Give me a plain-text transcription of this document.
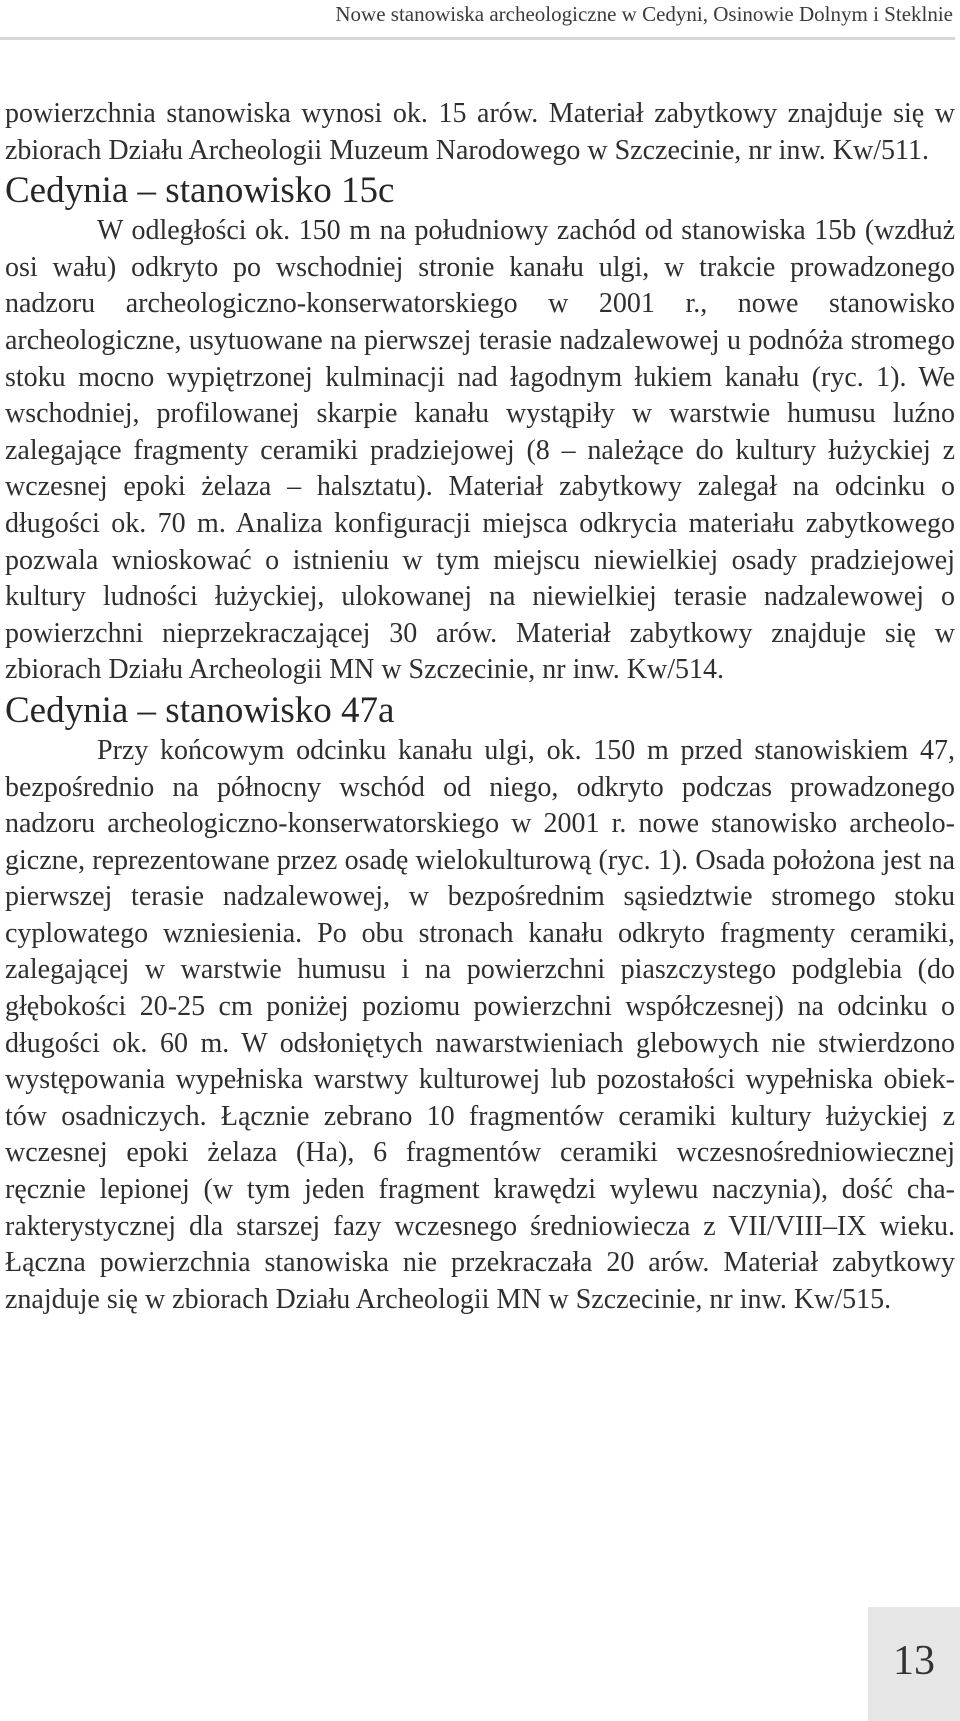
Nowe stanowiska archeologiczne w Cedyni, Osinowie Dolnym i Steklnie

powierzchnia stanowiska wynosi ok. 15 arów. Materiał zabytkowy znajduje się w zbiorach Działu Archeologii Muzeum Narodowego w Szczecinie, nr inw. Kw/511.

Cedynia – stanowisko 15c

W odległości ok. 150 m na południowy zachód od stanowiska 15b (wzdłuż osi wału) odkryto po wschodniej stronie kanału ulgi, w trakcie prowadzonego nadzoru archeologiczno-konserwatorskiego w 2001 r., nowe stanowisko archeologiczne, usytuowane na pierwszej terasie nadzalewowej u podnóża stromego stoku mocno wypiętrzonej kulminacji nad łagodnym łukiem kanału (ryc. 1). We wschodniej, profilowanej skarpie kanału wystąpiły w warstwie humusu luźno zalegające fragmenty ceramiki pradziejowej (8 – należące do kultury łużyckiej z wczesnej epoki żelaza – halsztatu). Materiał zabytkowy zalegał na odcinku o długości ok. 70 m. Analiza konfiguracji miejsca odkrycia materiału zabytkowego pozwala wnioskować o istnieniu w tym miejscu niewielkiej osady pradziejowej kultury ludności łużyckiej, ulokowanej na niewielkiej terasie nadzalewowej o powierzchni nieprzekraczającej 30 arów. Materiał zabytkowy znajduje się w zbiorach Działu Archeologii MN w Szczecinie, nr inw. Kw/514.

Cedynia – stanowisko 47a

Przy końcowym odcinku kanału ulgi, ok. 150 m przed stanowiskiem 47, bezpośrednio na północny wschód od niego, odkryto podczas prowadzonego nadzoru archeologiczno-konserwatorskiego w 2001 r. nowe stanowisko archeologiczne, reprezentowane przez osadę wielokulturową (ryc. 1). Osada położona jest na pierwszej terasie nadzalewowej, w bezpośrednim sąsiedztwie stromego stoku cyplowatego wzniesienia. Po obu stronach kanału odkryto fragmenty ceramiki, zalegającej w warstwie humusu i na powierzchni piaszczystego podglebia (do głębokości 20-25 cm poniżej poziomu powierzchni współczesnej) na odcinku o długości ok. 60 m. W odsłoniętych nawarstwieniach glebowych nie stwierdzono występowania wypełniska warstwy kulturowej lub pozostałości wypełniska obiektów osadniczych. Łącznie zebrano 10 fragmentów ceramiki kultury łużyckiej z wczesnej epoki żelaza (Ha), 6 fragmentów ceramiki wczesnośredniowiecznej ręcznie lepionej (w tym jeden fragment krawędzi wylewu naczynia), dość charakterystycznej dla starszej fazy wczesnego średniowiecza z VII/VIII–IX wieku. Łączna powierzchnia stanowiska nie przekraczała 20 arów. Materiał zabytkowy znajduje się w zbiorach Działu Archeologii MN w Szczecinie, nr inw. Kw/515.

13
